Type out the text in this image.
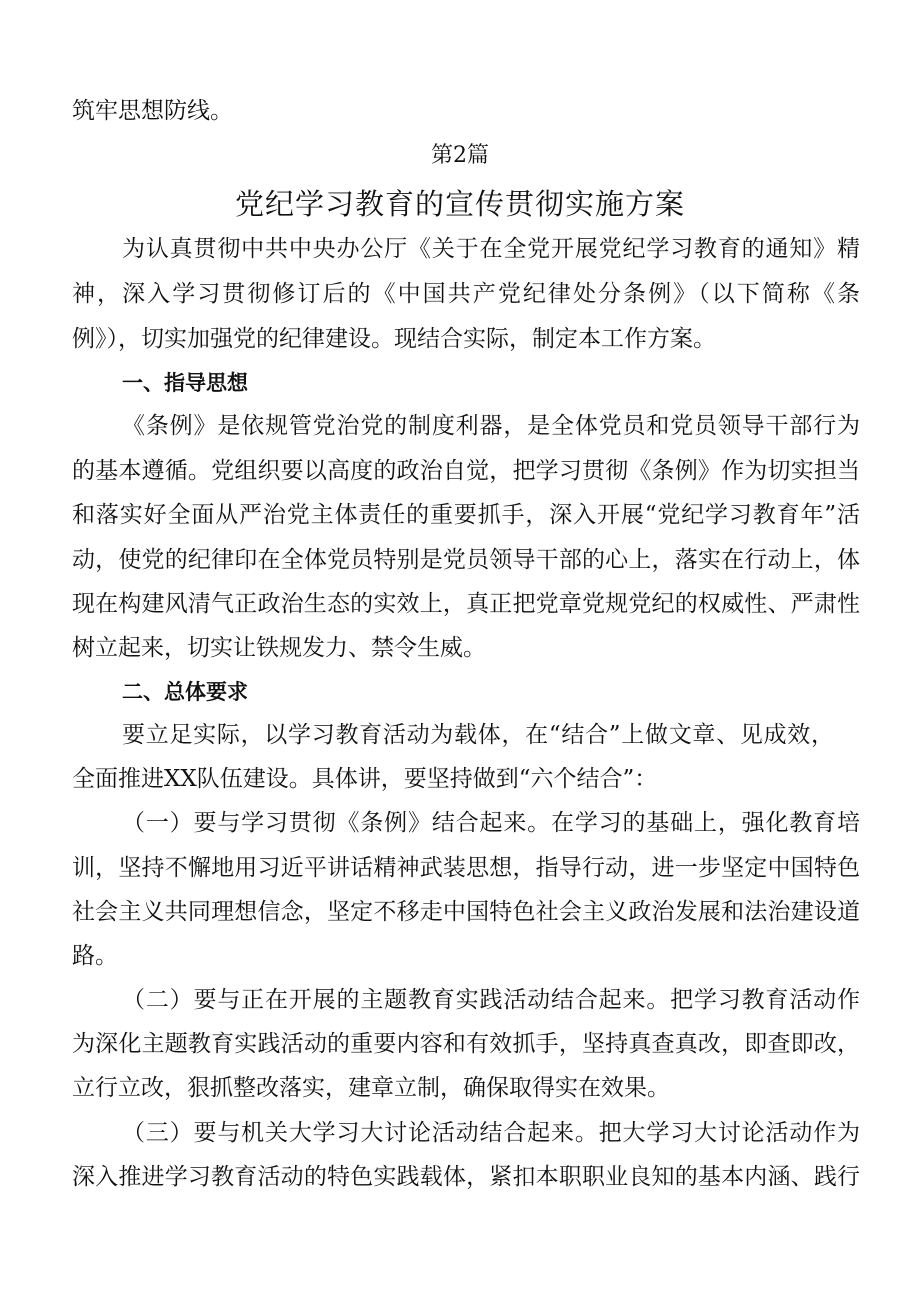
筑牢思想防线。
第2篇
党纪学习教育的宣传贯彻实施方案
为认真贯彻中共中央办公厅《关于在全党开展党纪学习教育的通知》精
神，深入学习贯彻修订后的《中国共产党纪律处分条例》（以下简称《条
例》），切实加强党的纪律建设。现结合实际，制定本工作方案。
一、指导思想
《条例》是依规管党治党的制度利器，是全体党员和党员领导干部行为
的基本遵循。党组织要以高度的政治自觉，把学习贯彻《条例》作为切实担当
和落实好全面从严治党主体责任的重要抓手，深入开展“党纪学习教育年”活
动，使党的纪律印在全体党员特别是党员领导干部的心上，落实在行动上，体
现在构建风清气正政治生态的实效上，真正把党章党规党纪的权威性、严肃性
树立起来，切实让铁规发力、禁令生威。
二、总体要求
要立足实际，以学习教育活动为载体，在“结合”上做文章、见成效，
全面推进XX队伍建设。具体讲，要坚持做到“六个结合”：
（一）要与学习贯彻《条例》结合起来。在学习的基础上，强化教育培
训，坚持不懈地用习近平讲话精神武装思想，指导行动，进一步坚定中国特色
社会主义共同理想信念，坚定不移走中国特色社会主义政治发展和法治建设道
路。
（二）要与正在开展的主题教育实践活动结合起来。把学习教育活动作
为深化主题教育实践活动的重要内容和有效抓手，坚持真查真改，即查即改，
立行立改，狠抓整改落实，建章立制，确保取得实在效果。
（三）要与机关大学习大讨论活动结合起来。把大学习大讨论活动作为
深入推进学习教育活动的特色实践载体，紧扣本职职业良知的基本内涵、践行
